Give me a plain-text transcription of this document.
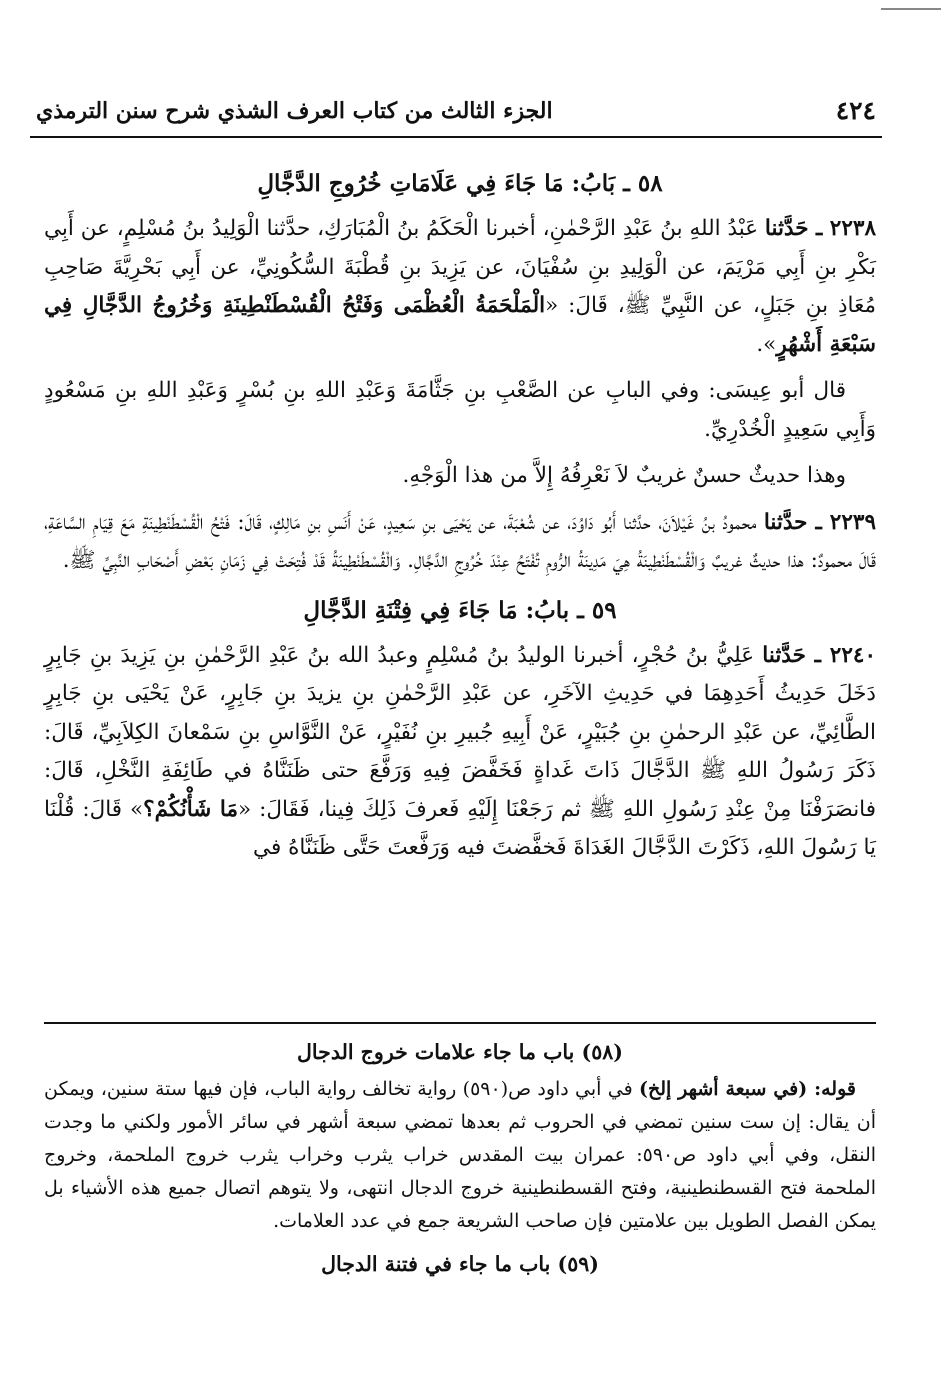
٤٢٤
الجزء الثالث من كتاب العرف الشذي شرح سنن الترمذي
٥٨ ـ بَابُ: مَا جَاءَ فِي عَلَامَاتِ خُرُوجِ الدَّجَّالِ

٢٢٣٨ ـ حَدَّثنا عَبْدُ اللهِ بنُ عَبْدِ الرَّحْمٰنِ، أخبرنا الْحَكَمُ بنُ الْمُبَارَكِ، حدَّثنا الْوَلِيدُ بنُ مُسْلِمٍ، عن أَبِي بَكْرِ بنِ أَبِي مَرْيَمَ، عن الْوَلِيدِ بنِ سُفْيَانَ، عن يَزِيدَ بنِ قُطْبَةَ السُّكُونِيِّ، عن أَبِي بَحْرِيَّةَ صَاحِبِ مُعَاذِ بنِ جَبَلٍ، عن النَّبِيِّ ﷺ، قَالَ: «الْمَلْحَمَةُ الْعُظْمَى وَفَتْحُ الْقُسْطَنْطِينَةِ وَخُرُوجُ الدَّجَّالِ فِي سَبْعَةِ أَشْهُرٍ».

قال أبو عِيسَى: وفي البابِ عن الصَّعْبِ بنِ جَثَّامَةَ وَعَبْدِ اللهِ بنِ بُسْرٍ وَعَبْدِ اللهِ بنِ مَسْعُودٍ وَأَبِي سَعِيدٍ الْخُدْرِيِّ.

وهذا حديثٌ حسنٌ غريبٌ لاَ نَعْرِفُهُ إِلاَّ من هذا الْوَجْهِ.

٢٢٣٩ ـ حدَّثنا محمودُ بنُ غَيْلاَنَ، حدَّثنا أَبُو دَاوُدَ، عن شُعْبَةَ، عن يَحْيَى بنِ سَعِيدٍ، عَنْ أَنَسِ بنِ مَالِكٍ، قَالَ: فَتْحُ الْقُسْطَنْطِينَةِ مَعَ قِيَامِ السَّاعَةِ، قَالَ محمودٌ: هذا حديثٌ غريبٌ وَالْقُسْطَنْطِينَةُ هِيَ مَدِينَةُ الرُّومِ تُفْتَحُ عِنْدَ خُرُوجِ الدَّجَّالِ. وَالْقُسْطَنْطِينَةُ قَدْ فُتِحَتْ فِي زَمَانِ بَعْضِ أَصْحَابِ النَّبِيِّ ﷺ.

٥٩ ـ بابُ: مَا جَاءَ فِي فِتْنَةِ الدَّجَّالِ

٢٢٤٠ ـ حَدَّثنا عَلِيُّ بنُ حُجْرٍ، أخبرنا الوليدُ بنُ مُسْلِمٍ وعبدُ الله بنُ عَبْدِ الرَّحْمٰنِ بنِ يَزِيدَ بنِ جَابِرٍ دَخَلَ حَدِيثُ أَحَدِهِمَا في حَدِيثِ الآخَرِ، عن عَبْدِ الرَّحْمٰنِ بنِ يزيدَ بنِ جَابِرٍ، عَنْ يَحْيَى بنِ جَابِرٍ الطَّائِيِّ، عن عَبْدِ الرحمٰنِ بنِ جُبَيْرٍ، عَنْ أَبِيهِ جُبيرِ بنِ نُفَيْرٍ، عَنْ النَّوَّاسِ بنِ سَمْعانَ الكِلاَبِيِّ، قَالَ: ذَكَرَ رَسُولُ اللهِ ﷺ الدَّجَّالَ ذَاتَ غَداةٍ فَخَفَّضَ فِيهِ وَرَفَّعَ حتى ظَنَنَّاهُ في طَائِفَةِ النَّخْلِ، قَالَ: فانصَرَفْنَا مِنْ عِنْدِ رَسُولِ اللهِ ﷺ ثم رَجَعْنَا إِلَيْهِ فَعرفَ ذَلِكَ فِينا، فَقَالَ: «مَا شَأْنُكُمْ؟» قَالَ: قُلْنَا يَا رَسُولَ اللهِ، ذَكَرْتَ الدَّجَّالَ الغَدَاةَ فَخفَّضتَ فيه وَرَفَّعتَ حَتَّى ظَنَنَّاهُ في

(٥٨) باب ما جاء علامات خروج الدجال

قوله: (في سبعة أشهر إلخ) في أبي داود ص(٥٩٠) رواية تخالف رواية الباب، فإن فيها ستة سنين، ويمكن أن يقال: إن ست سنين تمضي في الحروب ثم بعدها تمضي سبعة أشهر في سائر الأمور ولكني ما وجدت النقل، وفي أبي داود ص٥٩٠: عمران بيت المقدس خراب يثرب وخراب يثرب خروج الملحمة، وخروج الملحمة فتح القسطنطينية، وفتح القسطنطينية خروج الدجال انتهى، ولا يتوهم اتصال جميع هذه الأشياء بل يمكن الفصل الطويل بين علامتين فإن صاحب الشريعة جمع في عدد العلامات.

(٥٩) باب ما جاء في فتنة الدجال
